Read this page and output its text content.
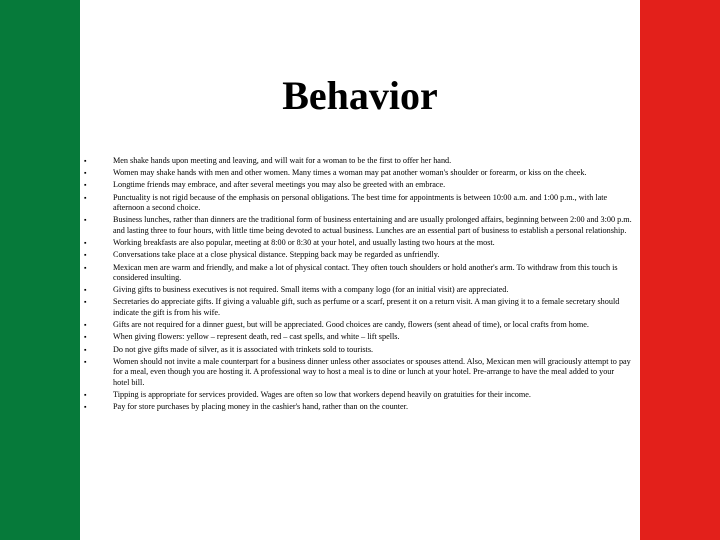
Behavior
▪	Men shake hands upon meeting and leaving, and will wait for a woman to be the first to offer her hand.
▪	Women may shake hands with men and other women. Many times a woman may pat another woman's shoulder or forearm, or kiss on the cheek.
▪	Longtime friends may embrace, and after several meetings you may also be greeted with an embrace.
▪	Punctuality is not rigid because of the emphasis on personal obligations. The best time for appointments is between 10:00 a.m. and 1:00 p.m., with late afternoon a second choice.
▪	Business lunches, rather than dinners are the traditional form of business entertaining and are usually prolonged affairs, beginning between 2:00 and 3:00 p.m. and lasting three to four hours, with little time being devoted to actual business. Lunches are an essential part of business to establish a personal relationship.
▪	Working breakfasts are also popular, meeting at 8:00 or 8:30 at your hotel, and usually lasting two hours at the most.
▪	Conversations take place at a close physical distance. Stepping back may be regarded as unfriendly.
▪	Mexican men are warm and friendly, and make a lot of physical contact. They often touch shoulders or hold another's arm. To withdraw from this touch is considered insulting.
▪	Giving gifts to business executives is not required. Small items with a company logo (for an initial visit) are appreciated.
▪	Secretaries do appreciate gifts. If giving a valuable gift, such as perfume or a scarf, present it on a return visit. A man giving it to a female secretary should indicate the gift is from his wife.
▪	Gifts are not required for a dinner guest, but will be appreciated. Good choices are candy, flowers (sent ahead of time), or local crafts from home.
▪	When giving flowers: yellow – represent death, red – cast spells, and white – lift spells.
▪	Do not give gifts made of silver, as it is associated with trinkets sold to tourists.
▪	Women should not invite a male counterpart for a business dinner unless other associates or spouses attend. Also, Mexican men will graciously attempt to pay for a meal, even though you are hosting it. A professional way to host a meal is to dine or lunch at your hotel. Pre-arrange to have the meal added to your hotel bill.
▪	Tipping is appropriate for services provided. Wages are often so low that workers depend heavily on gratuities for their income.
▪	Pay for store purchases by placing money in the cashier's hand, rather than on the counter.
